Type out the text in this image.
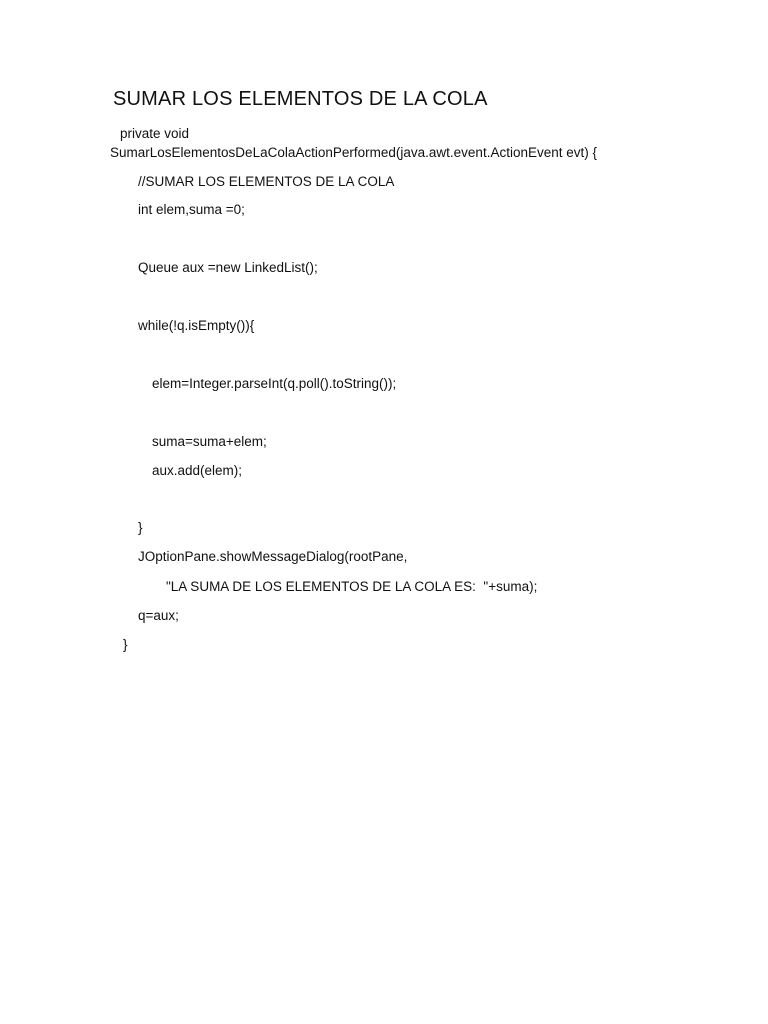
SUMAR LOS ELEMENTOS DE LA COLA
private void
SumarLosElementosDeLaColaActionPerformed(java.awt.event.ActionEvent evt) {
//SUMAR LOS ELEMENTOS DE LA COLA
int elem,suma =0;
Queue aux =new LinkedList();
while(!q.isEmpty()){
elem=Integer.parseInt(q.poll().toString());
suma=suma+elem;
aux.add(elem);
}
JOptionPane.showMessageDialog(rootPane,
"LA SUMA DE LOS ELEMENTOS DE LA COLA ES:  "+suma);
q=aux;
}
